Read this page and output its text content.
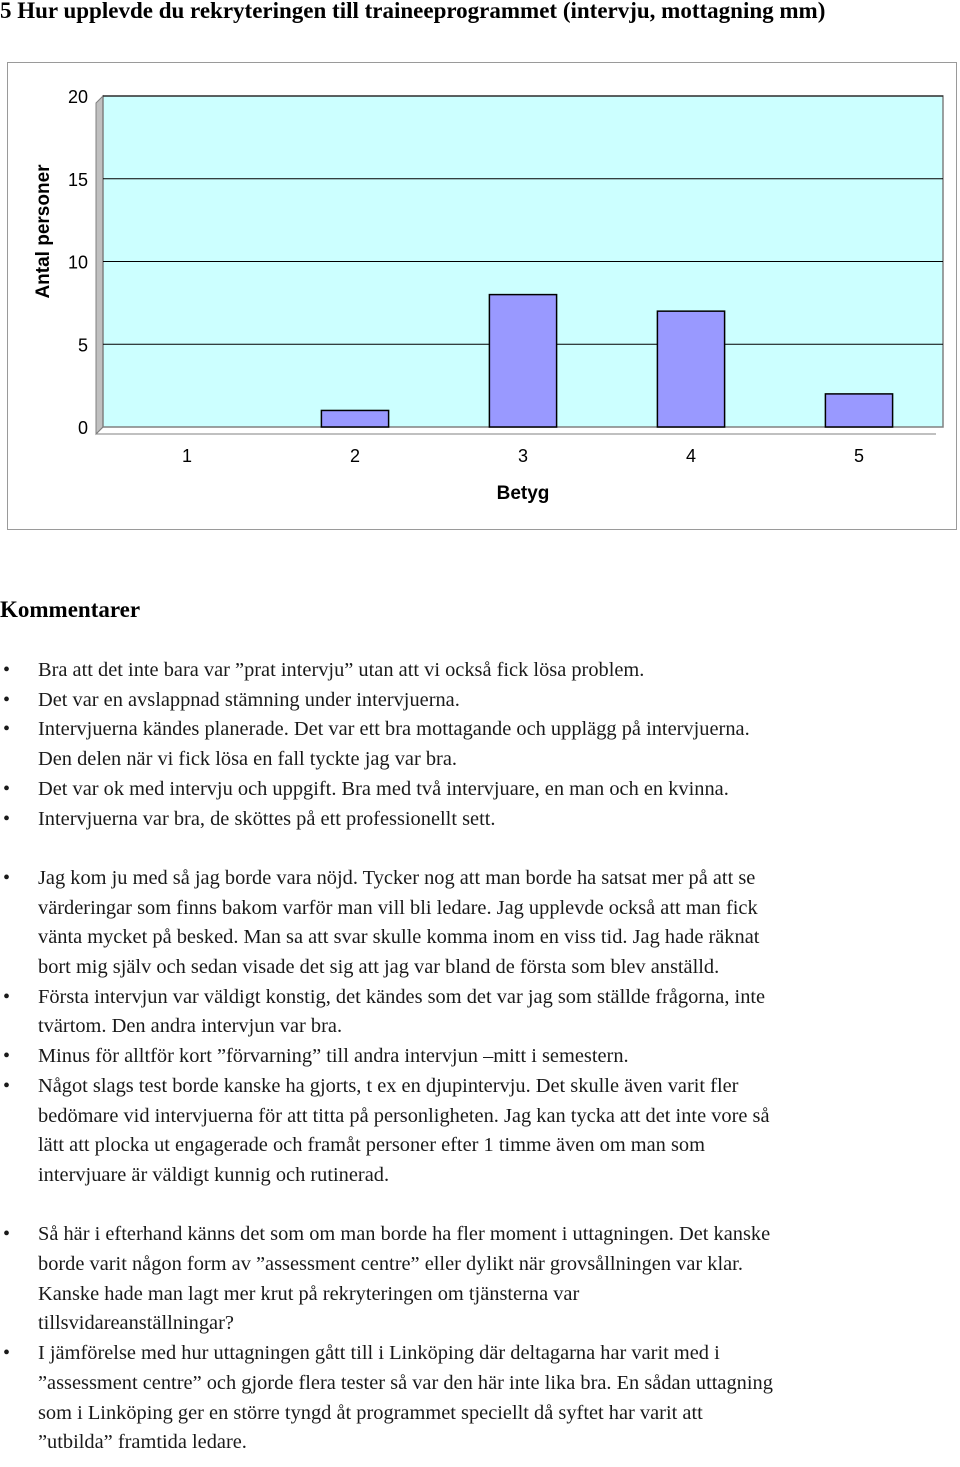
5 Hur upplevde du rekryteringen till traineeprogrammet (intervju, mottagning mm)
0
5
10
15
20
1	2	3	4	5
Betyg
Antal personer
Kommentarer
• Bra att det inte bara var ”prat intervju” utan att vi också fick lösa problem.
• Det var en avslappnad stämning under intervjuerna.
• Intervjuerna kändes planerade. Det var ett bra mottagande och upplägg på intervjuerna.
Den delen när vi fick lösa en fall tyckte jag var bra.
• Det var ok med intervju och uppgift. Bra med två intervjuare, en man och en kvinna.
• Intervjuerna var bra, de sköttes på ett professionellt sett.
• Jag kom ju med så jag borde vara nöjd. Tycker nog att man borde ha satsat mer på att se
värderingar som finns bakom varför man vill bli ledare. Jag upplevde också att man fick
vänta mycket på besked. Man sa att svar skulle komma inom en viss tid. Jag hade räknat
bort mig själv och sedan visade det sig att jag var bland de första som blev anställd.
• Första intervjun var väldigt konstig, det kändes som det var jag som ställde frågorna, inte
tvärtom. Den andra intervjun var bra.
• Minus för alltför kort ”förvarning” till andra intervjun –mitt i semestern.
• Något slags test borde kanske ha gjorts, t ex en djupintervju. Det skulle även varit fler
bedömare vid intervjuerna för att titta på personligheten. Jag kan tycka att det inte vore så
lätt att plocka ut engagerade och framåt personer efter 1 timme även om man som
intervjuare är väldigt kunnig och rutinerad.
• Så här i efterhand känns det som om man borde ha fler moment i uttagningen. Det kanske
borde varit någon form av ”assessment centre” eller dylikt när grovsållningen var klar.
Kanske hade man lagt mer krut på rekryteringen om tjänsterna var
tillsvidareanställningar?
• I jämförelse med hur uttagningen gått till i Linköping där deltagarna har varit med i
”assessment centre” och gjorde flera tester så var den här inte lika bra. En sådan uttagning
som i Linköping ger en större tyngd åt programmet speciellt då syftet har varit att
”utbilda” framtida ledare.
